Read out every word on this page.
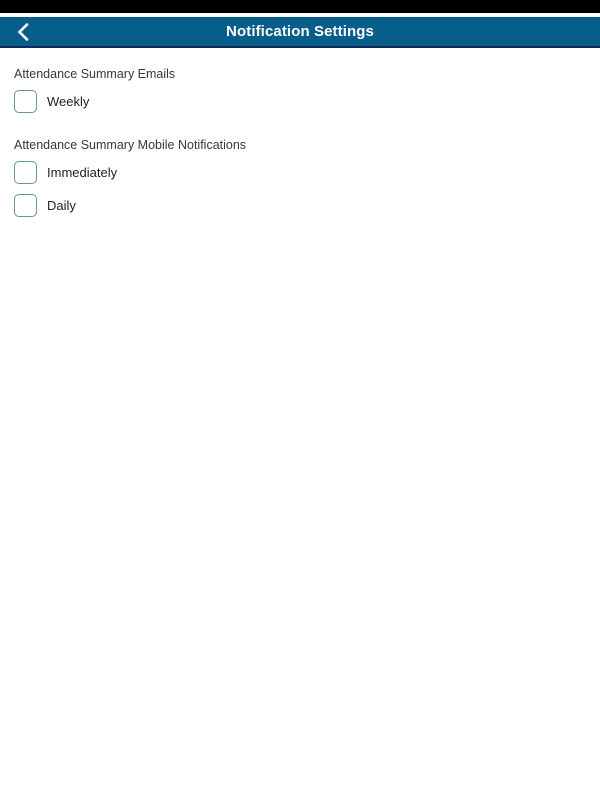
Notification Settings
Attendance Summary Emails
Weekly
Attendance Summary Mobile Notifications
Immediately
Daily
